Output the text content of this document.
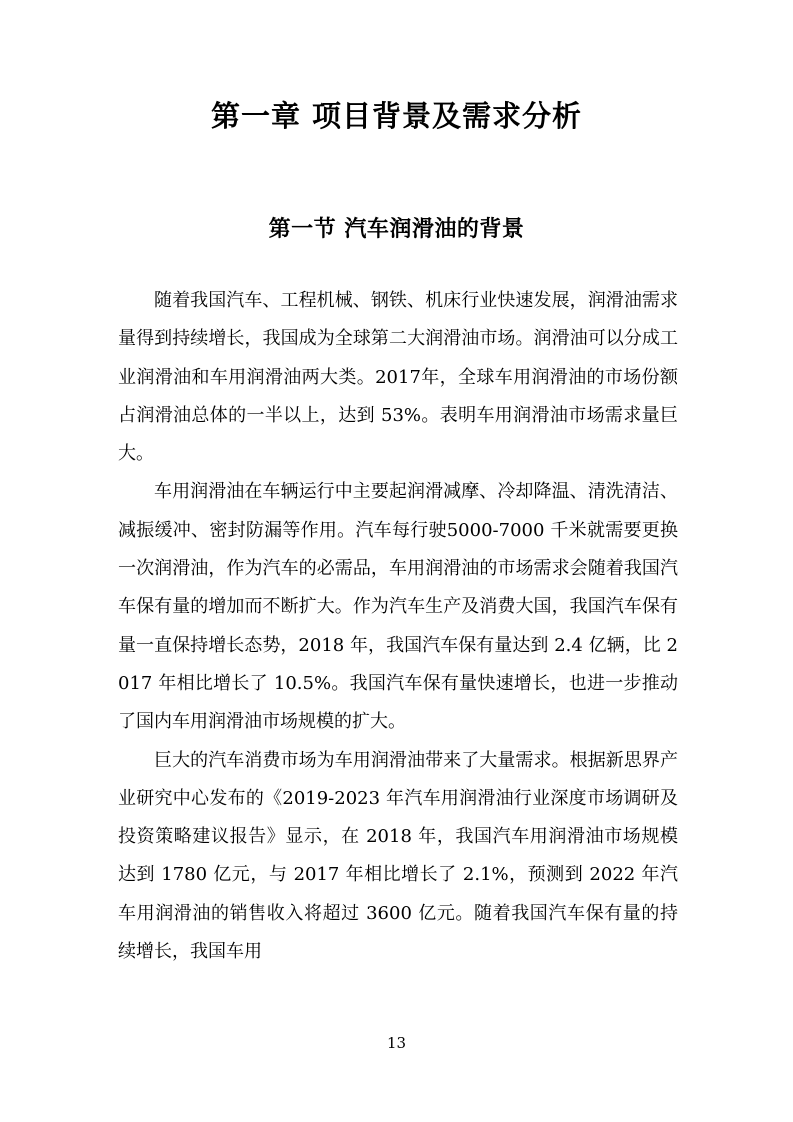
第一章 项目背景及需求分析
第一节 汽车润滑油的背景

随着我国汽车、工程机械、钢铁、机床行业快速发展，润滑油需求量得到持续增长，我国成为全球第二大润滑油市场。润滑油可以分成工业润滑油和车用润滑油两大类。2017年，全球车用润滑油的市场份额占润滑油总体的一半以上，达到 53%。表明车用润滑油市场需求量巨大。

车用润滑油在车辆运行中主要起润滑减摩、冷却降温、清洗清洁、减振缓冲、密封防漏等作用。汽车每行驶5000-7000 千米就需要更换一次润滑油，作为汽车的必需品，车用润滑油的市场需求会随着我国汽车保有量的增加而不断扩大。作为汽车生产及消费大国，我国汽车保有量一直保持增长态势，2018 年，我国汽车保有量达到 2.4 亿辆，比 2017 年相比增长了 10.5%。我国汽车保有量快速增长，也进一步推动了国内车用润滑油市场规模的扩大。

巨大的汽车消费市场为车用润滑油带来了大量需求。根据新思界产业研究中心发布的《2019-2023 年汽车用润滑油行业深度市场调研及投资策略建议报告》显示，在 2018 年，我国汽车用润滑油市场规模达到 1780 亿元，与 2017 年相比增长了 2.1%，预测到 2022 年汽车用润滑油的销售收入将超过 3600 亿元。随着我国汽车保有量的持续增长，我国车用

13
